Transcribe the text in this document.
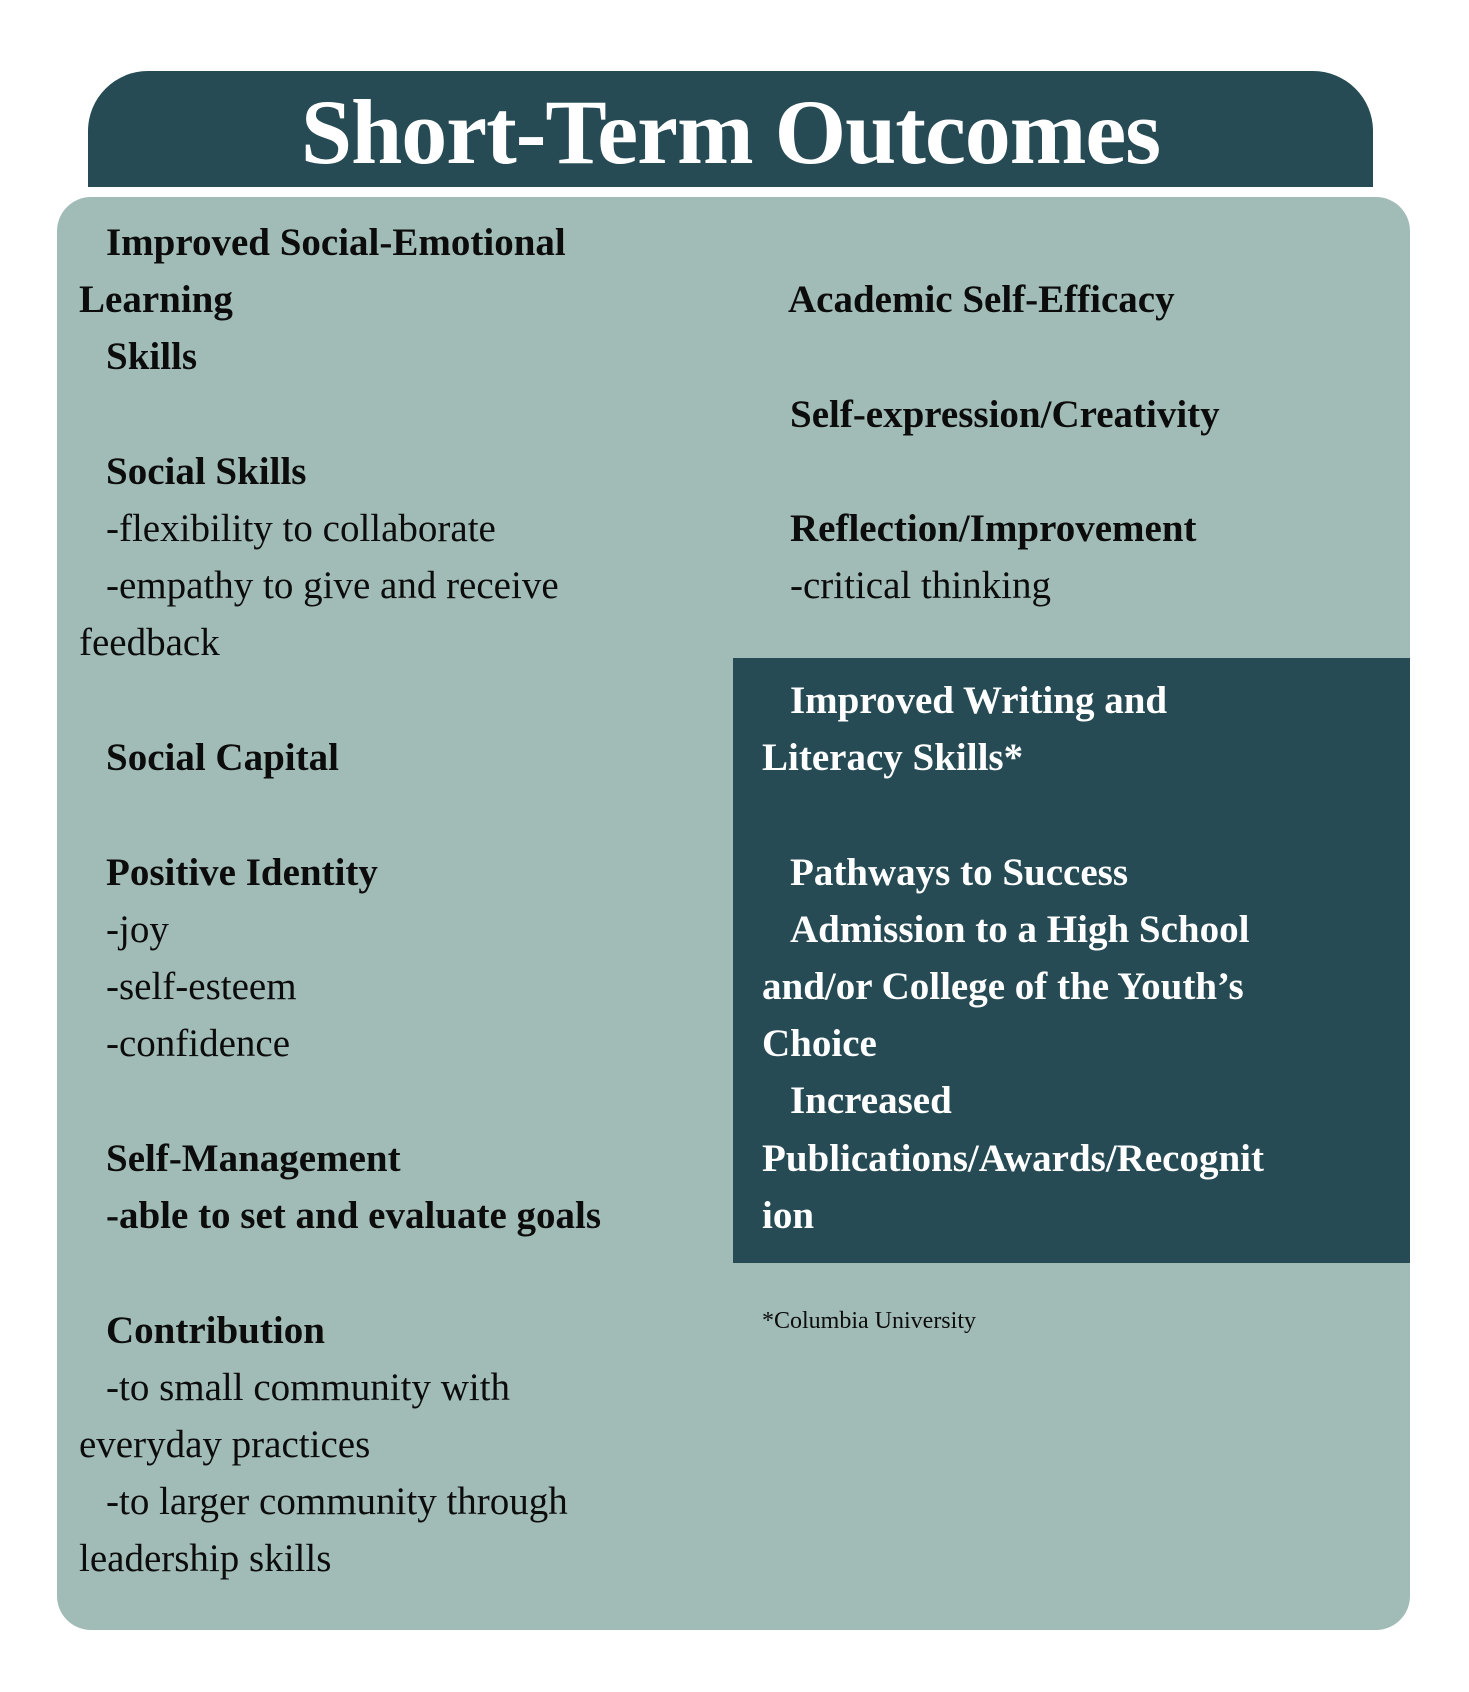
Short-Term Outcomes
Improved Social-Emotional
Learning
Skills
Social Skills
-flexibility to collaborate
-empathy to give and receive
feedback
Social Capital
Positive Identity
-joy
-self-esteem
-confidence
Self-Management
-able to set and evaluate goals
Contribution
-to small community with
everyday practices
-to larger community through
leadership skills
Academic Self-Efficacy
Self-expression/Creativity
Reflection/Improvement
-critical thinking
Improved Writing and
Literacy Skills*
Pathways to Success
Admission to a High School
and/or College of the Youth’s
Choice
Increased
Publications/Awards/Recognit
ion
*Columbia University
